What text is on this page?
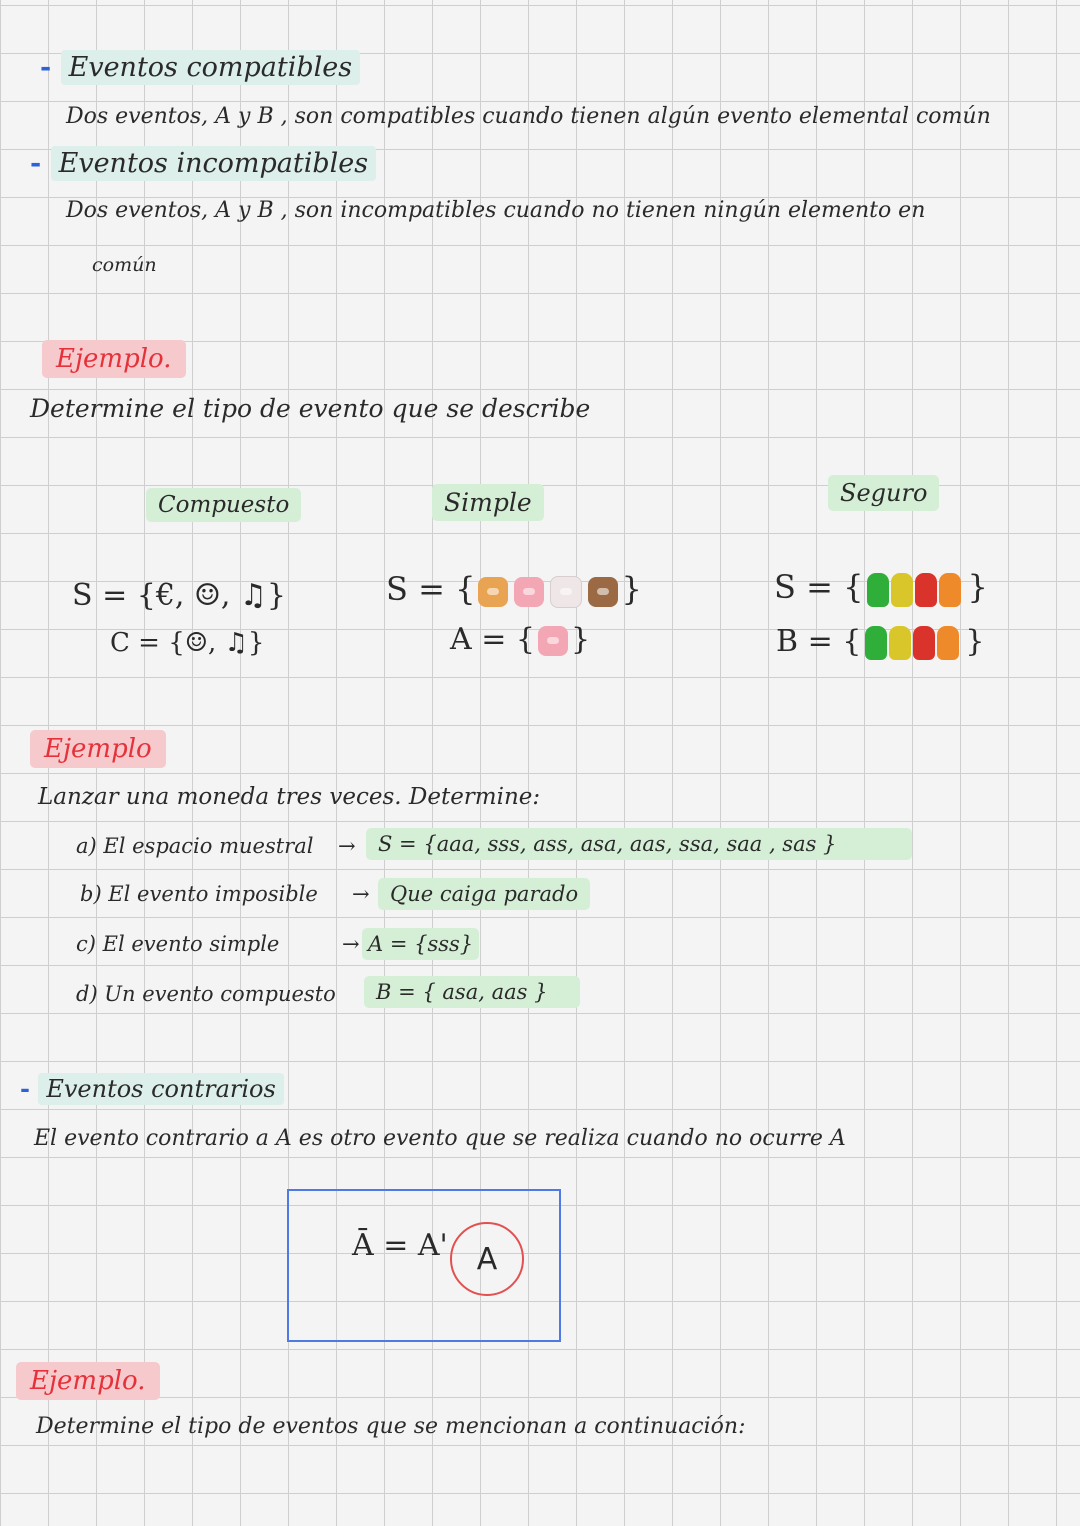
- Eventos compatibles
Dos eventos, A y B , son compatibles cuando tienen algún evento elemental común
- Eventos incompatibles
Dos eventos, A y B , son incompatibles cuando no tienen ningún elemento en
común
Ejemplo.
Determine el tipo de evento que se describe
Compuesto	Simple	Seguro
S = {€, ☺, ♫}
C = {☺, ♫}
S = {	}
A = { }
S = {	}
B = {	}
Ejemplo
Lanzar una moneda tres veces. Determine:
a) El espacio muestral →	S = {aaa, sss, ass, asa, aas, ssa, saa , sas }
b) El evento imposible → Que caiga parado
c) El evento simple	→ A = {sss}
d) Un evento compuesto	B = { asa, aas }
- Eventos contrarios
El evento contrario a A es otro evento que se realiza cuando no ocurre A
Ā = A' A
Ejemplo.
Determine el tipo de eventos que se mencionan a continuación:
